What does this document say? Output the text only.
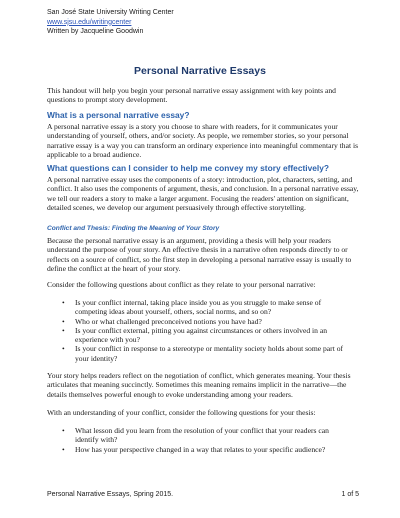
San José State University Writing Center
www.sjsu.edu/writingcenter
Written by Jacqueline Goodwin
Personal Narrative Essays
This handout will help you begin your personal narrative essay assignment with key points and questions to prompt story development.
What is a personal narrative essay?
A personal narrative essay is a story you choose to share with readers, for it communicates your understanding of yourself, others, and/or society. As people, we remember stories, so your personal narrative essay is a way you can transform an ordinary experience into meaningful commentary that is applicable to a broad audience.
What questions can I consider to help me convey my story effectively?
A personal narrative essay uses the components of a story: introduction, plot, characters, setting, and conflict. It also uses the components of argument, thesis, and conclusion. In a personal narrative essay, we tell our readers a story to make a larger argument. Focusing the readers' attention on significant, detailed scenes, we develop our argument persuasively through effective storytelling.
Conflict and Thesis: Finding the Meaning of Your Story
Because the personal narrative essay is an argument, providing a thesis will help your readers understand the purpose of your story. An effective thesis in a narrative often responds directly to or reflects on a source of conflict, so the first step in developing a personal narrative essay is usually to define the conflict at the heart of your story.
Consider the following questions about conflict as they relate to your personal narrative:
• Is your conflict internal, taking place inside you as you struggle to make sense of competing ideas about yourself, others, social norms, and so on?
• Who or what challenged preconceived notions you have had?
• Is your conflict external, pitting you against circumstances or others involved in an experience with you?
• Is your conflict in response to a stereotype or mentality society holds about some part of your identity?
Your story helps readers reflect on the negotiation of conflict, which generates meaning. Your thesis articulates that meaning succinctly. Sometimes this meaning remains implicit in the narrative—the details themselves powerful enough to evoke understanding among your readers.
With an understanding of your conflict, consider the following questions for your thesis:
• What lesson did you learn from the resolution of your conflict that your readers can identify with?
• How has your perspective changed in a way that relates to your specific audience?
Personal Narrative Essays, Spring 2015.	1 of 5
